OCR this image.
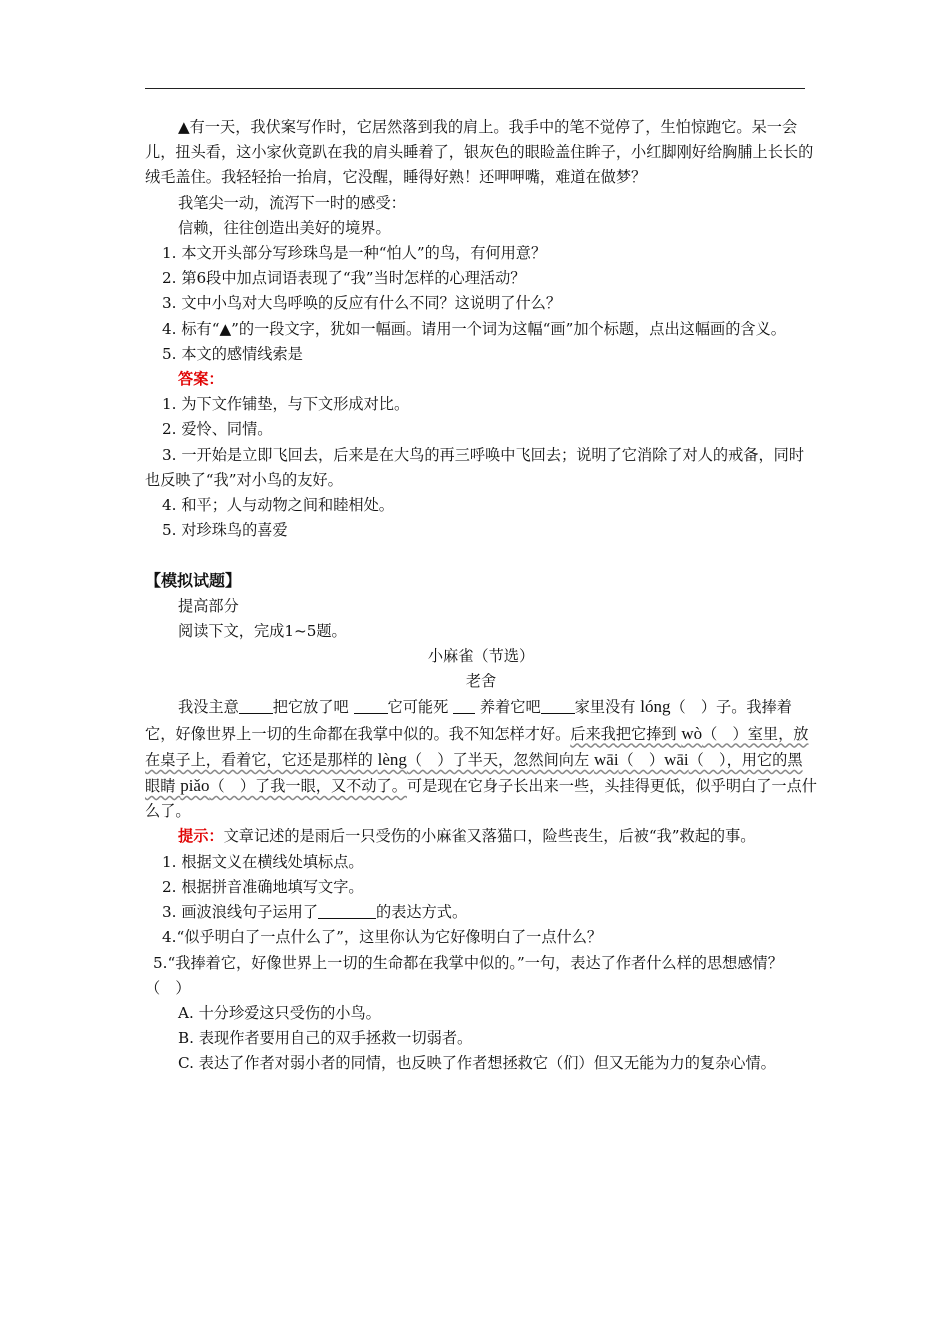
▲有一天，我伏案写作时，它居然落到我的肩上。我手中的笔不觉停了，生怕惊跑它。呆一会儿，扭头看，这小家伙竟趴在我的肩头睡着了，银灰色的眼睑盖住眸子，小红脚刚好给胸脯上长长的绒毛盖住。我轻轻抬一抬肩，它没醒，睡得好熟！还呷呷嘴，难道在做梦？

我笔尖一动，流泻下一时的感受：

信赖，往往创造出美好的境界。

1. 本文开头部分写珍珠鸟是一种“怕人”的鸟，有何用意？

2. 第6段中加点词语表现了“我”当时怎样的心理活动？

3. 文中小鸟对大鸟呼唤的反应有什么不同？这说明了什么？

4. 标有“▲”的一段文字，犹如一幅画。请用一个词为这幅“画”加个标题，点出这幅画的含义。

5. 本文的感情线索是

答案：

1. 为下文作铺垫，与下文形成对比。

2. 爱怜、同情。

3. 一开始是立即飞回去，后来是在大鸟的再三呼唤中飞回去；说明了它消除了对人的戒备，同时也反映了“我”对小鸟的友好。

4. 和平；人与动物之间和睦相处。

5. 对珍珠鸟的喜爱

【模拟试题】

提高部分

阅读下文，完成1~5题。

小麻雀（节选）

老舍

我没主意 把它放了吧 它可能死  养着它吧 家里没有 lóng（　）子。我捧着它，好像世界上一切的生命都在我掌中似的。我不知怎样才好。后来我把它捧到 wò（　）室里，放在桌子上，看着它，它还是那样的 lèng（　）了半天，忽然间向左 wāi（　）wāi（　），用它的黑眼睛 piǎo（　）了我一眼，又不动了。可是现在它身子长出来一些，头挂得更低，似乎明白了一点什么了。

提示：文章记述的是雨后一只受伤的小麻雀又落猫口，险些丧生，后被“我”救起的事。

1. 根据文义在横线处填标点。

2. 根据拼音准确地填写文字。

3. 画波浪线句子运用了	的表达方式。

4.“似乎明白了一点什么了”，这里你认为它好像明白了一点什么？

5.“我捧着它，好像世界上一切的生命都在我掌中似的。”一句，表达了作者什么样的思想感情？（　）

A. 十分珍爱这只受伤的小鸟。

B. 表现作者要用自己的双手拯救一切弱者。

C. 表达了作者对弱小者的同情，也反映了作者想拯救它（们）但又无能为力的复杂心情。
